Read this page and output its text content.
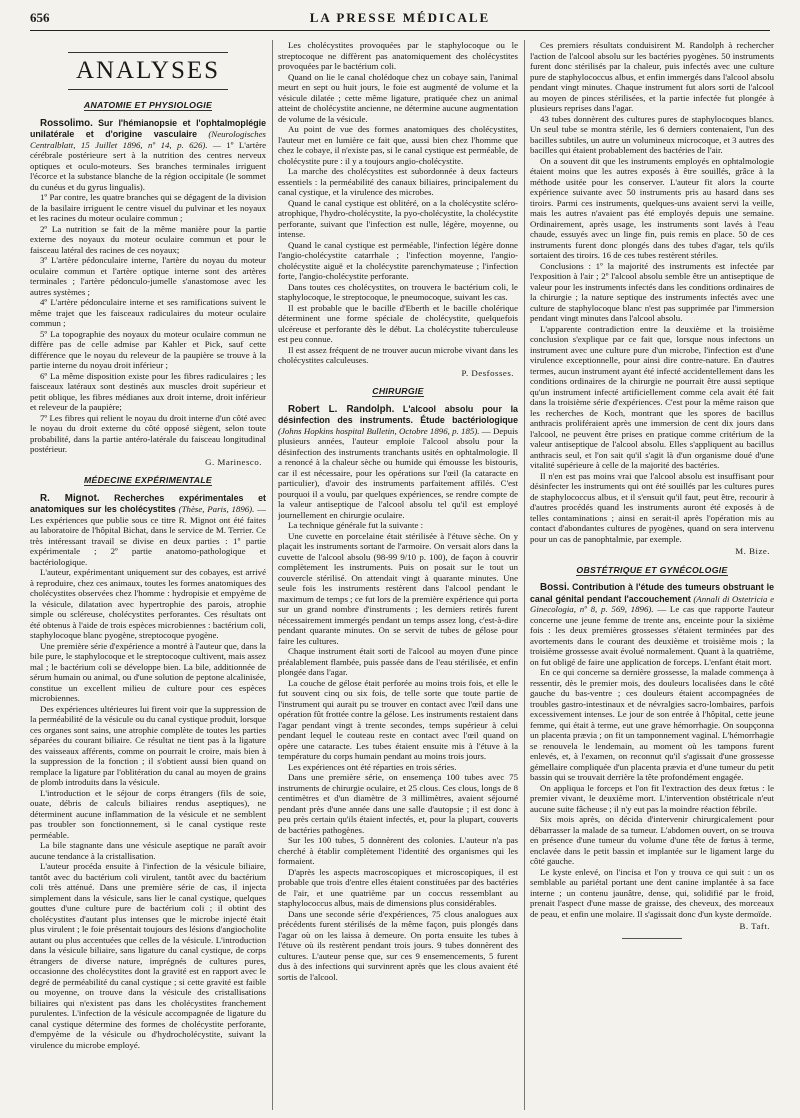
656	LA PRESSE MÉDICALE
ANALYSES
ANATOMIE ET PHYSIOLOGIE

Rossolimo. Sur l'hémianopsie et l'ophtalmoplégie unilatérale et d'origine vasculaire (Neurologisches Centralblatt, 15 Juillet 1896, nº 14, p. 626). — 1º L'artère cérébrale postérieure sert à la nutrition des centres nerveux optiques et oculo-moteurs. Ses branches terminales irriguent l'écorce et la substance blanche de la région occipitale (le sommet du cunéus et du gyrus lingualis).

1º Par contre, les quatre branches qui se dégagent de la division de la basilaire irriguent le centre visuel du pulvinar et les noyaux et les racines du moteur oculaire commun ;

2º La nutrition se fait de la même manière pour la partie externe des noyaux du moteur oculaire commun et pour le faisceau latéral des racines de ces noyaux;

3º L'artère pédonculaire interne, l'artère du noyau du moteur oculaire commun et l'artère optique interne sont des artères terminales ; l'artère pédonculo-jumelle s'anastomose avec les autres systèmes ;

4º L'artère pédonculaire interne et ses ramifications suivent le même trajet que les faisceaux radiculaires du moteur oculaire commun ;

5º La topographie des noyaux du moteur oculaire commun ne diffère pas de celle admise par Kahler et Pick, sauf cette différence que le noyau du releveur de la paupière se trouve à la partie interne du noyau droit inférieur ;

6º La même disposition existe pour les fibres radiculaires ; les faisceaux latéraux sont destinés aux muscles droit supérieur et petit oblique, les fibres médianes aux droit interne, droit inférieur et releveur de la paupière;

7º Les fibres qui relient le noyau du droit interne d'un côté avec le noyau du droit externe du côté opposé siègent, selon toute probabilité, dans la partie antéro-latérale du faisceau longitudinal postérieur.

G. Marinesco.
MÉDECINE EXPÉRIMENTALE

R. Mignot. Recherches expérimentales et anatomiques sur les cholécystites (Thèse, Paris, 1896). — Les expériences que publie sous ce titre R. Mignot ont été faites au laboratoire de l'hôpital Bichat, dans le service de M. Terrier. Ce très intéressant travail se divise en deux parties : 1º partie expérimentale ; 2º partie anatomo-pathologique et bactériologique.

L'auteur, expérimentant uniquement sur des cobayes, est arrivé à reproduire, chez ces animaux, toutes les formes anatomiques des cholécystites observées chez l'homme : hydropisie et empyème de la vésicule, dilatation avec hypertrophie des parois, atrophie simple ou scléreuse, cholécystites perforantes. Ces résultats ont été obtenus à l'aide de trois espèces microbiennes : bactérium coli, staphylocoque blanc pyogène, streptocoque pyogène.

Une première série d'expérience a montré à l'auteur que, dans la bile pure, le staphylocoque et le streptocoque cultivent, mais assez mal ; le bactérium coli se développe bien. La bile, additionnée de sérum humain ou animal, ou d'une solution de peptone alcalinisée, constitue un excellent milieu de culture pour ces espèces microbiennes.

Des expériences ultérieures lui firent voir que la suppression de la perméabilité de la vésicule ou du canal cystique produit, lorsque ces organes sont sains, une atrophie complète de toutes les parties séparées du courant biliaire. Ce résultat ne tient pas à la ligature des vaisseaux afférents, comme on pourrait le croire, mais bien à la suppression de la fonction ; il s'obtient aussi bien quand on remplace la ligature par l'oblitération du canal au moyen de grains de plomb introduits dans la vésicule.

L'introduction et le séjour de corps étrangers (fils de soie, ouate, débris de calculs biliaires rendus aseptiques), ne déterminent aucune inflammation de la vésicule et ne semblent pas troubler son fonctionnement, si le canal cystique reste perméable.

La bile stagnante dans une vésicule aseptique ne paraît avoir aucune tendance à la cristallisation.

L'auteur procéda ensuite à l'infection de la vésicule biliaire, tantôt avec du bactérium coli virulent, tantôt avec du bactérium coli très atténué. Dans une première série de cas, il injecta simplement dans la vésicule, sans lier le canal cystique, quelques gouttes d'une culture pure de bactérium coli ; il obtint des cholécystites d'autant plus intenses que le microbe injecté était plus virulent ; le foie présentait toujours des lésions d'angiocholite autant ou plus accentuées que celles de la vésicule. L'introduction dans la vésicule biliaire, sans ligature du canal cystique, de corps étrangers de diverse nature, imprégnés de cultures pures, occasionne des cholécystites dont la gravité est en rapport avec le degré de perméabilité du canal cystique ; si cette gravité est faible ou moyenne, on trouve dans la vésicule des cristallisations biliaires qui n'existent pas dans les cholécystites franchement purulentes. L'infection de la vésicule accompagnée de ligature du canal cystique détermine des formes de cholécystite perforante, d'empyème de la vésicule ou d'hydrocholécystite, suivant la virulence du microbe employé.

Les cholécystites provoquées par le staphylocoque ou le streptocoque ne diffèrent pas anatomiquement des cholécystites provoquées par le bactérium coli.

Quand on lie le canal cholédoque chez un cobaye sain, l'animal meurt en sept ou huit jours, le foie est augmenté de volume et la vésicule dilatée ; cette même ligature, pratiquée chez un animal atteint de cholécystite ancienne, ne détermine aucune augmentation de volume de la vésicule.

Au point de vue des formes anatomiques des cholécystites, l'auteur met en lumière ce fait que, aussi bien chez l'homme que chez le cobaye, il n'existe pas, si le canal cystique est perméable, de cholécystite pure : il y a toujours angio-cholécystite.

La marche des cholécystites est subordonnée à deux facteurs essentiels : la perméabilité des canaux biliaires, principalement du canal cystique, et la virulence des microbes.

Quand le canal cystique est oblitéré, on a la cholécystite scléro-atrophique, l'hydro-cholécystite, la pyo-cholécystite, la cholécystite perforante, suivant que l'infection est nulle, légère, moyenne, ou intense.

Quand le canal cystique est perméable, l'infection légère donne l'angio-cholécystite catarrhale ; l'infection moyenne, l'angio-cholécystite aiguë et la cholécystite parenchymateuse ; l'infection forte, l'angio-cholécystite perforante.

Dans toutes ces cholécystites, on trouvera le bactérium coli, le staphylocoque, le streptocoque, le pneumocoque, suivant les cas.

Il est probable que le bacille d'Eberth et le bacille cholérique déterminent une forme spéciale de cholécystite, quelquefois ulcéreuse et perforante dès le début. La cholécystite tuberculeuse est peu connue.

Il est assez fréquent de ne trouver aucun microbe vivant dans les cholécystites calculeuses.

P. Desfosses.
CHIRURGIE

Robert L. Randolph. L'alcool absolu pour la désinfection des instruments. Étude bactériologique (Johns Hopkins hospital Bulletin, Octobre 1896, p. 185). — Depuis plusieurs années, l'auteur emploie l'alcool absolu pour la désinfection des instruments tranchants usités en ophtalmologie. Il a renoncé à la chaleur sèche ou humide qui émousse les bistouris, car il est nécessaire, pour les opérations sur l'œil (la cataracte en particulier), d'avoir des instruments parfaitement affilés. C'est pourquoi il a voulu, par quelques expériences, se rendre compte de la valeur antiseptique de l'alcool absolu tel qu'il est employé journellement en chirurgie oculaire.

La technique générale fut la suivante :

Une cuvette en porcelaine était stérilisée à l'étuve sèche. On y plaçait les instruments sortant de l'armoire. On versait alors dans la cuvette de l'alcool absolu (98-99 9/10 p. 100), de façon à couvrir complètement les instruments. Puis on posait sur le tout un couvercle stérilisé. On attendait vingt à quarante minutes. Une seule fois les instruments restèrent dans l'alcool pendant le maximum de temps ; ce fut lors de la première expérience qui porta sur un grand nombre d'instruments ; les derniers retirés furent nécessairement immergés pendant un temps assez long, c'est-à-dire pendant quarante minutes. On se servit de tubes de gélose pour faire les cultures.

Chaque instrument était sorti de l'alcool au moyen d'une pince préalablement flambée, puis passée dans de l'eau stérilisée, et enfin plongée dans l'agar.

La couche de gélose était perforée au moins trois fois, et elle le fut souvent cinq ou six fois, de telle sorte que toute partie de l'instrument qui aurait pu se trouver en contact avec l'œil dans une opération fût frottée contre la gélose. Les instruments restaient dans l'agar pendant vingt à trente secondes, temps supérieur à celui pendant lequel le couteau reste en contact avec l'œil quand on opère une cataracte. Les tubes étaient ensuite mis à l'étuve à la température du corps humain pendant au moins trois jours.

Les expériences ont été réparties en trois séries.

Dans une première série, on ensemença 100 tubes avec 75 instruments de chirurgie oculaire, et 25 clous. Ces clous, longs de 8 centimètres et d'un diamètre de 3 millimètres, avaient séjourné pendant près d'une année dans une salle d'autopsie ; il est donc à peu près certain qu'ils étaient infectés, et, pour la plupart, couverts de bactéries pathogènes.

Sur les 100 tubes, 5 donnèrent des colonies. L'auteur n'a pas cherché à établir complètement l'identité des organismes qui les formaient.

D'après les aspects macroscopiques et microscopiques, il est probable que trois d'entre elles étaient constituées par des bactéries de l'air, et une quatrième par un coccus ressemblant au staphylococcus albus, mais de dimensions plus considérables.

Dans une seconde série d'expériences, 75 clous analogues aux précédents furent stérilisés de la même façon, puis plongés dans l'agar où on les laissa à demeure. On porta ensuite les tubes à l'étuve où ils restèrent pendant trois jours. 9 tubes donnèrent des cultures. L'auteur pense que, sur ces 9 ensemencements, 5 furent dus à des infections qui survinrent après que les clous avaient été sortis de l'alcool.

Ces premiers résultats conduisirent M. Randolph à rechercher l'action de l'alcool absolu sur les bactéries pyogènes. 50 instruments furent donc stérilisés par la chaleur, puis infectés avec une culture pure de staphylococcus albus, et enfin immergés dans l'alcool absolu pendant vingt minutes. Chaque instrument fut alors sorti de l'alcool au moyen de pinces stérilisées, et la partie infectée fut plongée à plusieurs reprises dans l'agar.

43 tubes donnèrent des cultures pures de staphylocoques blancs. Un seul tube se montra stérile, les 6 derniers contenaient, l'un des bacilles subtiles, un autre un volumineux microcoque, et 3 autres des bacilles qui étaient probablement des bactéries de l'air.

On a souvent dit que les instruments employés en ophtalmologie étaient moins que les autres exposés à être souillés, grâce à la méthode usitée pour les conserver. L'auteur fit alors la courte expérience suivante avec 50 instruments pris au hasard dans ses tiroirs. Parmi ces instruments, quelques-uns avaient servi la veille, mais les autres n'avaient pas été employés depuis une semaine. Ordinairement, après usage, les instruments sont lavés à l'eau chaude, essuyés avec un linge fin, puis remis en place. 50 de ces instruments furent donc plongés dans des tubes d'agar, tels qu'ils sortaient des tiroirs. 16 de ces tubes restèrent stériles.

Conclusions : 1º la majorité des instruments est infectée par l'exposition à l'air ; 2º l'alcool absolu semble être un antiseptique de valeur pour les instruments infectés dans les conditions ordinaires de la chirurgie ; la nature septique des instruments infectés avec une culture de staphylocoque blanc n'est pas supprimée par l'immersion pendant vingt minutes dans l'alcool absolu.

L'apparente contradiction entre la deuxième et la troisième conclusion s'explique par ce fait que, lorsque nous infectons un instrument avec une culture pure d'un microbe, l'infection est d'une virulence exceptionnelle, pour ainsi dire contre-nature. En d'autres termes, aucun instrument ayant été infecté accidentellement dans les conditions ordinaires de la chirurgie ne pourrait être aussi septique qu'un instrument infecté artificiellement comme cela avait été fait dans la troisième série d'expériences. C'est pour la même raison que les recherches de Koch, montrant que les spores de bacillus anthracis proliféraient après une immersion de cent dix jours dans l'alcool, ne peuvent être prises en pratique comme critérium de la valeur antiseptique de l'alcool absolu. Elles s'appliquent au bacillus anthracis seul, et l'on sait qu'il s'agit là d'un organisme doué d'une vitalité supérieure à celle de la majorité des bactéries.

Il n'en est pas moins vrai que l'alcool absolu est insuffisant pour désinfecter les instruments qui ont été souillés par les cultures pures de staphylococcus albus, et il s'ensuit qu'il faut, peut être, recourir à d'autres procédés quand les instruments auront été exposés à de telles contaminations ; ainsi en serait-il après l'opération mis au contact d'abondantes cultures de pyogènes, quand on sera intervenu pour un cas de panophtalmie, par exemple.

M. Bize.
OBSTÉTRIQUE ET GYNÉCOLOGIE

Bossi. Contribution à l'étude des tumeurs obstruant le canal génital pendant l'accouchement (Annali di Ostetricia e Ginecologia, nº 8, p. 569, 1896). — Le cas que rapporte l'auteur concerne une jeune femme de trente ans, enceinte pour la sixième fois : les deux premières grossesses s'étaient terminées par des avortements dans le courant des deuxième et troisième mois ; la troisième grossesse avait évolué normalement. Quant à la quatrième, on fut obligé de faire une application de forceps. L'enfant était mort.

En ce qui concerne sa dernière grossesse, la malade commença à ressentir, dès le premier mois, des douleurs localisées dans le côté gauche du bas-ventre ; ces douleurs étaient accompagnées de troubles gastro-intestinaux et de névralgies sacro-lombaires, parfois excessivement intenses. Le jour de son entrée à l'hôpital, cette jeune femme, qui était à terme, eut une grave hémorrhagie. On soupçonna un placenta prævia ; on fit un tamponnement vaginal. L'hémorrhagie se renouvela le lendemain, au moment où les tampons furent enlevés, et, à l'examen, on reconnut qu'il s'agissait d'une grossesse gémellaire compliquée d'un placenta prævia et d'une tumeur du petit bassin qui se trouvait derrière la tête profondément engagée.

On appliqua le forceps et l'on fit l'extraction des deux fœtus : le premier vivant, le deuxième mort. L'intervention obstétricale n'eut aucune suite fâcheuse ; il n'y eut pas la moindre réaction fébrile.

Six mois après, on décida d'intervenir chirurgicalement pour débarrasser la malade de sa tumeur. L'abdomen ouvert, on se trouva en présence d'une tumeur du volume d'une tête de fœtus à terme, enclavée dans le petit bassin et implantée sur le ligament large du côté gauche.

Le kyste enlevé, on l'incisa et l'on y trouva ce qui suit : un os semblable au pariétal portant une dent canine implantée à sa face interne ; un contenu jaunâtre, dense, qui, solidifié par le froid, prenait l'aspect d'une masse de graisse, des cheveux, des morceaux de peau, et enfin une molaire. Il s'agissait donc d'un kyste dermoïde.

B. Taft.
